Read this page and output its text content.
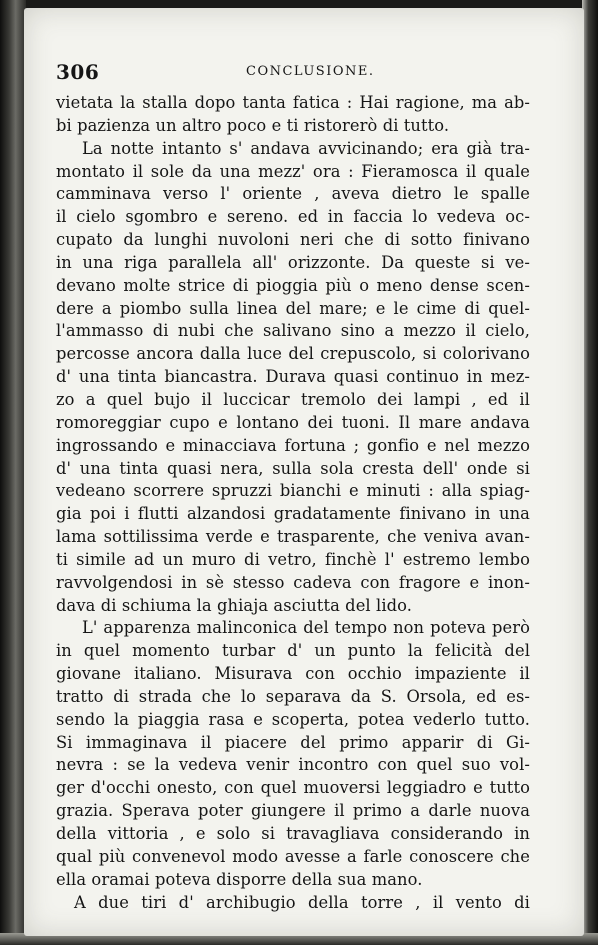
306	CONCLUSIONE.
vietata la stalla dopo tanta fatica : Hai ragione, ma ab-
bi pazienza un altro poco e ti ristorerò di tutto.
La notte intanto s' andava avvicinando; era già tra-
montato il sole da una mezz' ora : Fieramosca il quale
camminava verso l' oriente , aveva dietro le spalle
il cielo sgombro e sereno. ed in faccia lo vedeva oc-
cupato da lunghi nuvoloni neri che di sotto finivano
in una riga parallela all' orizzonte. Da queste si ve-
devano molte strice di pioggia più o meno dense scen-
dere a piombo sulla linea del mare; e le cime di quel-
l'ammasso di nubi che salivano sino a mezzo il cielo,
percosse ancora dalla luce del crepuscolo, si colorivano
d' una tinta biancastra. Durava quasi continuo in mez-
zo a quel bujo il luccicar tremolo dei lampi , ed il
romoreggiar cupo e lontano dei tuoni. Il mare andava
ingrossando e minacciava fortuna ; gonfio e nel mezzo
d' una tinta quasi nera, sulla sola cresta dell' onde si
vedeano scorrere spruzzi bianchi e minuti : alla spiag-
gia poi i flutti alzandosi gradatamente finivano in una
lama sottilissima verde e trasparente, che veniva avan-
ti simile ad un muro di vetro, finchè l' estremo lembo
ravvolgendosi in sè stesso cadeva con fragore e inon-
dava di schiuma la ghiaja asciutta del lido.
L' apparenza malinconica del tempo non poteva però
in quel momento turbar d' un punto la felicità del
giovane italiano. Misurava con occhio impaziente il
tratto di strada che lo separava da S. Orsola, ed es-
sendo la piaggia rasa e scoperta, potea vederlo tutto.
Si immaginava il piacere del primo apparir di Gi-
nevra : se la vedeva venir incontro con quel suo vol-
ger d'occhi onesto, con quel muoversi leggiadro e tutto
grazia. Sperava poter giungere il primo a darle nuova
della vittoria , e solo si travagliava considerando in
qual più convenevol modo avesse a farle conoscere che
ella oramai poteva disporre della sua mano.
A due tiri d' archibugio della torre , il vento di
